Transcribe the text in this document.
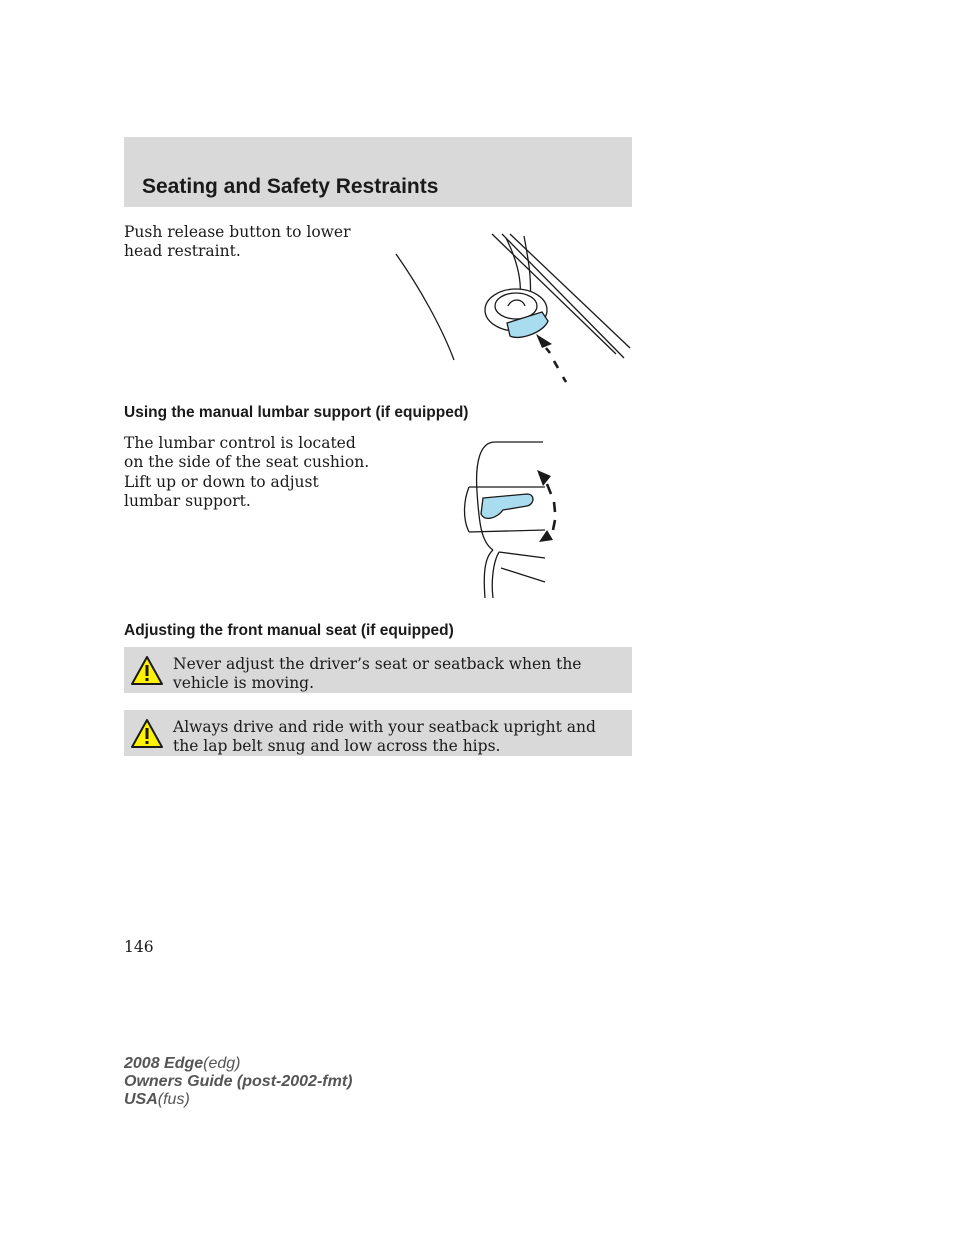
Seating and Safety Restraints

Push release button to lower head restraint.

Using the manual lumbar support (if equipped)

The lumbar control is located on the side of the seat cushion.

Lift up or down to adjust lumbar support.

Adjusting the front manual seat (if equipped)

Never adjust the driver’s seat or seatback when the vehicle is moving.

Always drive and ride with your seatback upright and the lap belt snug and low across the hips.

146

2008 Edge(edg)
Owners Guide (post-2002-fmt)
USA(fus)
